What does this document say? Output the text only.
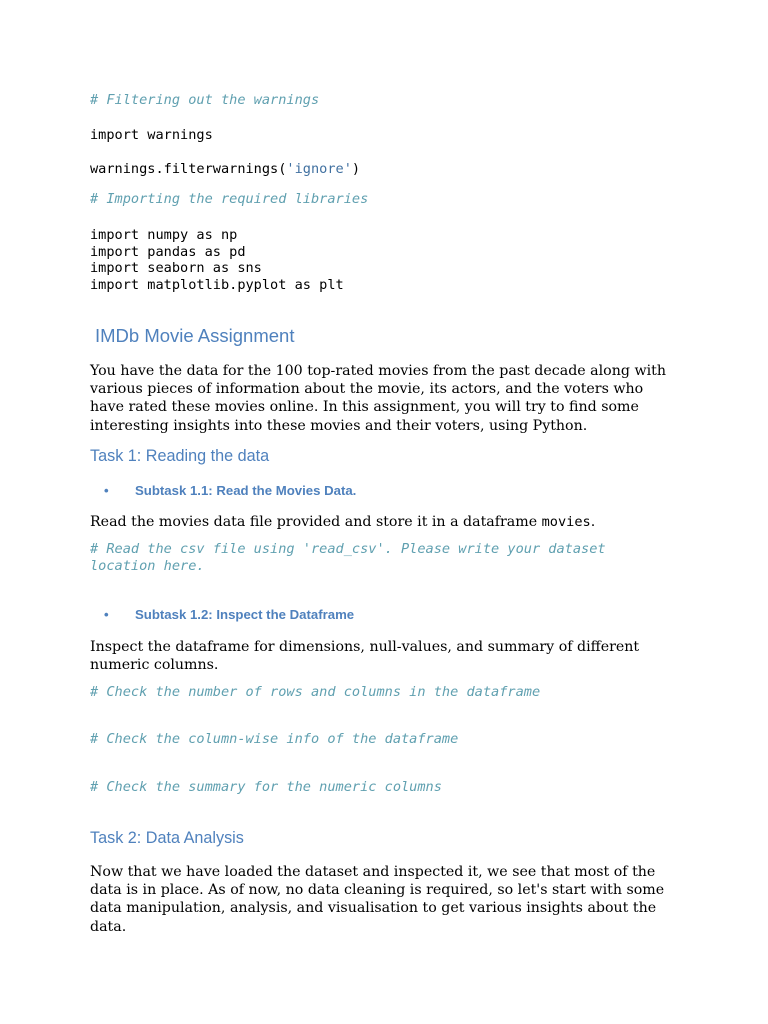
# Filtering out the warnings
import warnings
warnings.filterwarnings('ignore')
# Importing the required libraries
import numpy as np
import pandas as pd
import seaborn as sns
import matplotlib.pyplot as plt
IMDb Movie Assignment
You have the data for the 100 top-rated movies from the past decade along with various pieces of information about the movie, its actors, and the voters who have rated these movies online. In this assignment, you will try to find some interesting insights into these movies and their voters, using Python.
Task 1: Reading the data
• Subtask 1.1: Read the Movies Data.
Read the movies data file provided and store it in a dataframe movies.
# Read the csv file using 'read_csv'. Please write your dataset
location here.
• Subtask 1.2: Inspect the Dataframe
Inspect the dataframe for dimensions, null-values, and summary of different numeric columns.
# Check the number of rows and columns in the dataframe
# Check the column-wise info of the dataframe
# Check the summary for the numeric columns
Task 2: Data Analysis
Now that we have loaded the dataset and inspected it, we see that most of the data is in place. As of now, no data cleaning is required, so let's start with some data manipulation, analysis, and visualisation to get various insights about the data.
